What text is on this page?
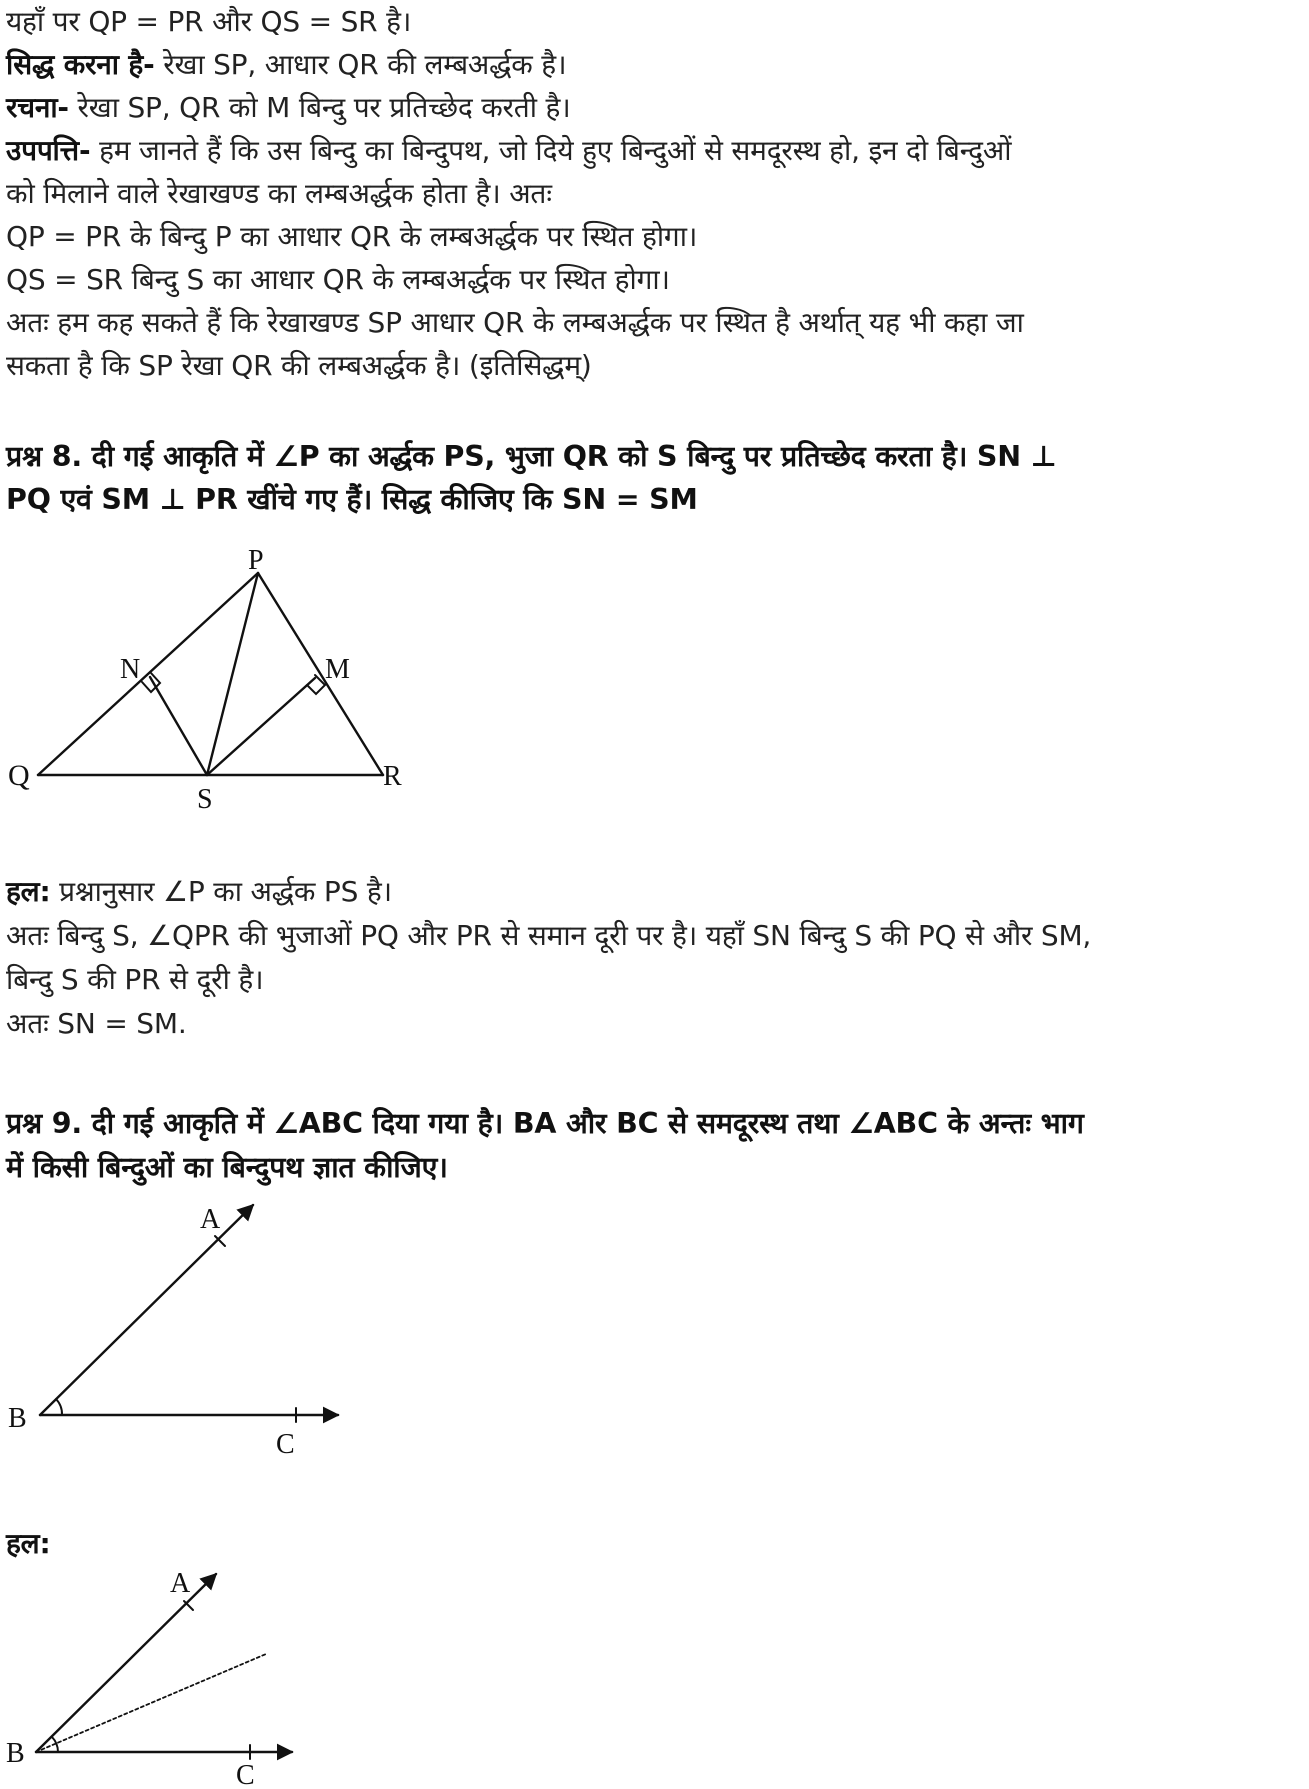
यहाँ पर QP = PR और QS = SR है।

सिद्ध करना है- रेखा SP, आधार QR की लम्बअर्द्धक है।

रचना- रेखा SP, QR को M बिन्दु पर प्रतिच्छेद करती है।

उपपत्ति- हम जानते हैं कि उस बिन्दु का बिन्दुपथ, जो दिये हुए बिन्दुओं से समदूरस्थ हो, इन दो बिन्दुओं

को मिलाने वाले रेखाखण्ड का लम्बअर्द्धक होता है। अतः

QP = PR के बिन्दु P का आधार QR के लम्बअर्द्धक पर स्थित होगा।

QS = SR बिन्दु S का आधार QR के लम्बअर्द्धक पर स्थित होगा।

अतः हम कह सकते हैं कि रेखाखण्ड SP आधार QR के लम्बअर्द्धक पर स्थित है अर्थात् यह भी कहा जा

सकता है कि SP रेखा QR की लम्बअर्द्धक है। (इतिसिद्धम्)

प्रश्न 8. दी गई आकृति में ∠P का अर्द्धक PS, भुजा QR को S बिन्दु पर प्रतिच्छेद करता है। SN ⊥

PQ एवं SM ⊥ PR खींचे गए हैं। सिद्ध कीजिए कि SN = SM

P
N	M
Q
S
R

हल: प्रश्नानुसार ∠P का अर्द्धक PS है।

अतः बिन्दु S, ∠QPR की भुजाओं PQ और PR से समान दूरी पर है। यहाँ SN बिन्दु S की PQ से और SM,

बिन्दु S की PR से दूरी है।

अतः SN = SM.

प्रश्न 9. दी गई आकृति में ∠ABC दिया गया है। BA और BC से समदूरस्थ तथा ∠ABC के अन्तः भाग

में किसी बिन्दुओं का बिन्दुपथ ज्ञात कीजिए।

A
B
C

हल:

A
B
C
